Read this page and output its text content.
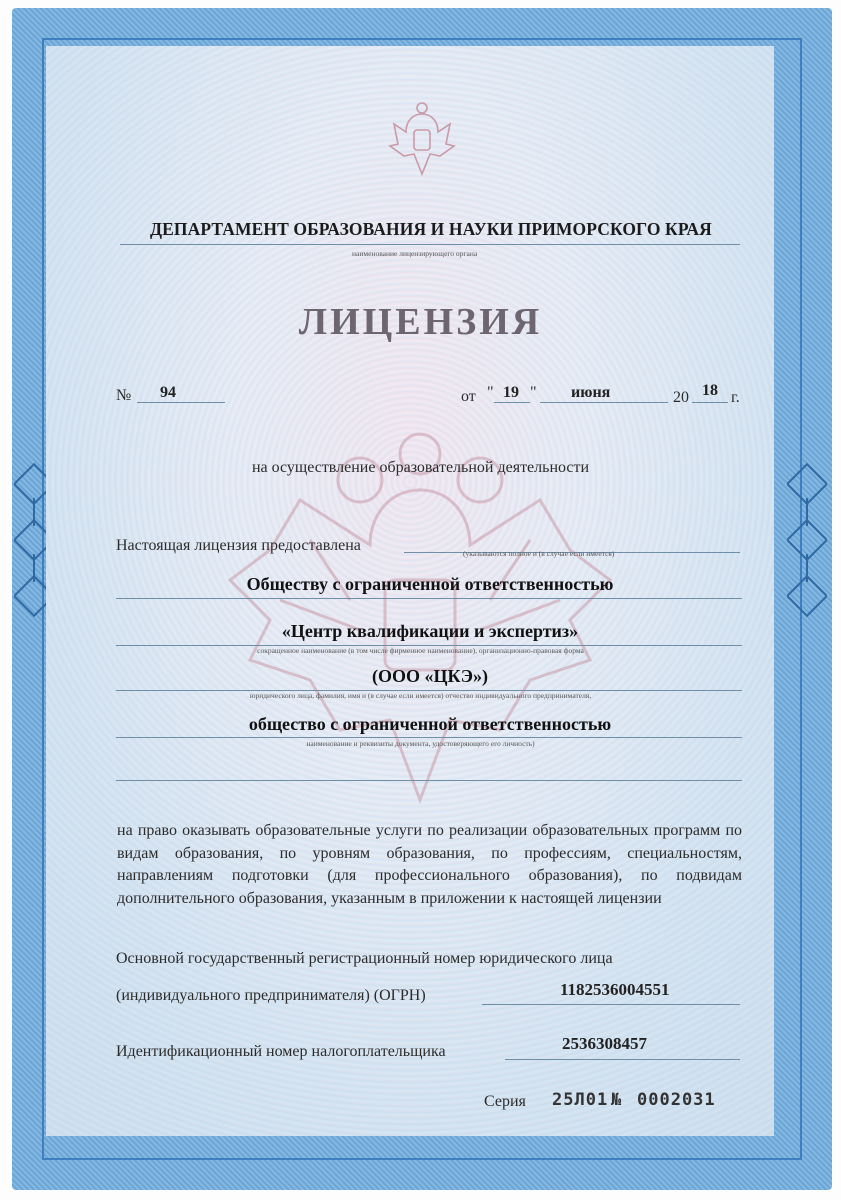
ДЕПАРТАМЕНТ ОБРАЗОВАНИЯ И НАУКИ ПРИМОРСКОГО КРАЯ
наименование лицензирующего органа
ЛИЦЕНЗИЯ
№ 94	от " 19 " июня	20 18 г.
на осуществление образовательной деятельности
Настоящая лицензия предоставлена	(указываются полное и (в случае если имеется)
Обществу с ограниченной ответственностью
«Центр квалификации и экспертиз»
сокращенное наименование (в том числе фирменное наименование), организационно-правовая форма
(ООО «ЦКЭ»)
юридического лица, фамилия, имя и (в случае если имеется) отчество индивидуального предпринимателя,
общество с ограниченной ответственностью
наименование и реквизиты документа, удостоверяющего его личность)
на право оказывать образовательные услуги по реализации образовательных программ по видам образования, по уровням образования, по профессиям, специальностям, направлениям подготовки (для профессионального образования), по подвидам дополнительного образования, указанным в приложении к настоящей лицензии
Основной государственный регистрационный номер юридического лица
(индивидуального предпринимателя) (ОГРН)	1182536004551
Идентификационный номер налогоплательщика	2536308457
Серия 25Л01 № 0002031
